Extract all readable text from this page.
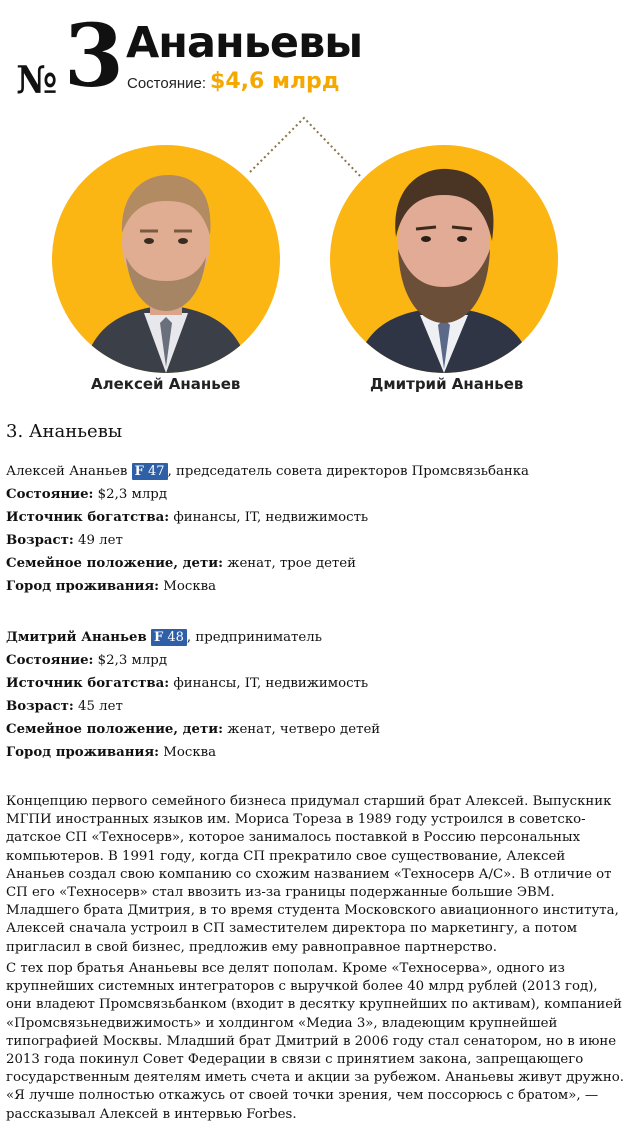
№ 3 Ананьевы
Состояние: $4,6 млрд
Алексей Ананьев	Дмитрий Ананьев
3. Ананьевы
Алексей Ананьев F 47 , председатель совета директоров Промсвязьбанка
Состояние: $2,3 млрд
Источник богатства: финансы, IT, недвижимость
Возраст: 49 лет
Семейное положение, дети: женат, трое детей
Город проживания: Москва
Дмитрий Ананьев F 48 , предприниматель
Состояние: $2,3 млрд
Источник богатства: финансы, IT, недвижимость
Возраст: 45 лет
Семейное положение, дети: женат, четверо детей
Город проживания: Москва

Концепцию первого семейного бизнеса придумал старший брат Алексей. Выпускник МГПИ иностранных языков им. Мориса Тореза в 1989 году устроился в советско-датское СП «Техносерв», которое занималось поставкой в Россию персональных компьютеров. В 1991 году, когда СП прекратило свое существование, Алексей Ананьев создал свою компанию со схожим названием «Техносерв А/С». В отличие от СП его «Техносерв» стал ввозить из-за границы подержанные большие ЭВМ. Младшего брата Дмитрия, в то время студента Московского авиационного института, Алексей сначала устроил в СП заместителем директора по маркетингу, а потом пригласил в свой бизнес, предложив ему равноправное партнерство.

С тех пор братья Ананьевы все делят пополам. Кроме «Техносерва», одного из крупнейших системных интеграторов с выручкой более 40 млрд рублей (2013 год), они владеют Промсвязьбанком (входит в десятку крупнейших по активам), компанией «Промсвязьнедвижимость» и холдингом «Медиа 3», владеющим крупнейшей типографией Москвы. Младший брат Дмитрий в 2006 году стал сенатором, но в июне 2013 года покинул Совет Федерации в связи с принятием закона, запрещающего государственным деятелям иметь счета и акции за рубежом. Ананьевы живут дружно. «Я лучше полностью откажусь от своей точки зрения, чем поссорюсь с братом», — рассказывал Алексей в интервью Forbes.
